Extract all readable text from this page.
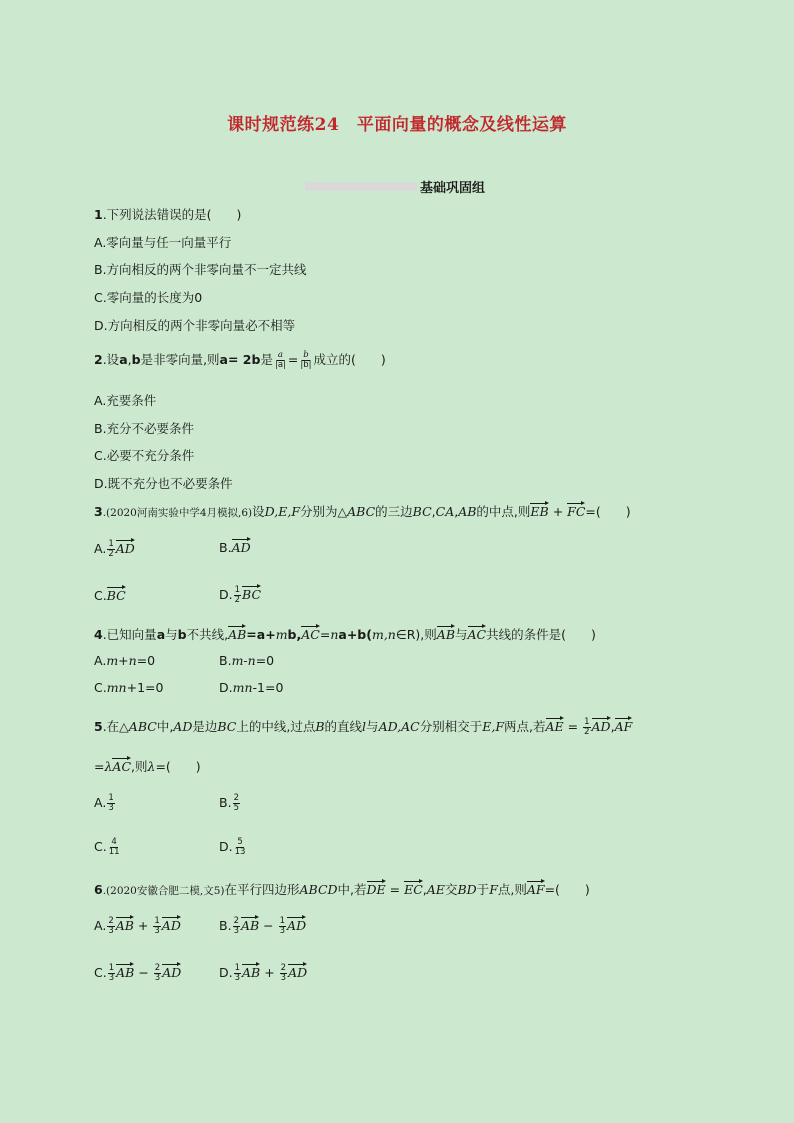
课时规范练24　平面向量的概念及线性运算
基础巩固组
1.下列说法错误的是(　　)
A.零向量与任一向量平行
B.方向相反的两个非零向量不一定共线
C.零向量的长度为0
D.方向相反的两个非零向量必不相等
2.设a,b是非零向量,则a= 2b是 $\frac{a}{|a|} = \frac{b}{|b|}$ 成立的(　　)
A.充要条件
B.充分不必要条件
C.必要不充分条件
D.既不充分也不必要条件
3.(2020河南实验中学4月模拟,6)设D,E,F分别为△ABC的三边BC,CA,AB的中点,则EB + FC=(　　)
A. $\frac{1}{2}$ AD	B.AD
C.BC	D. $\frac{1}{2}$ BC
4.已知向量a与b不共线,AB=a+mb,AC=na+b(m,n∈R),则AB与AC共线的条件是(　　)
A.m+n=0	B.m-n=0
C.mn+1=0	D.mn-1=0
5.在△ABC中,AD是边BC上的中线,过点B的直线l与AD,AC分别相交于E,F两点,若AE = $\frac{1}{2} AD,AF$
=λAC,则λ=(　　)
A. $\frac{1}{3}$	B. $\frac{2}{5}$
C. $\frac{4}{11}$	D. $\frac{5}{13}$
6.(2020安徽合肥二模,文5)在平行四边形ABCD中,若DE = EC,AE交BD于F点,则AF=(　　)
A. $\frac{2}{3}$ AB + $\frac{1}{3}$ AD	B. $\frac{2}{3}$ AB − $\frac{1}{3}$ AD
C. $\frac{1}{3}$ AB − $\frac{2}{3}$ AD	D. $\frac{1}{3}$ AB + $\frac{2}{3}$ AD
